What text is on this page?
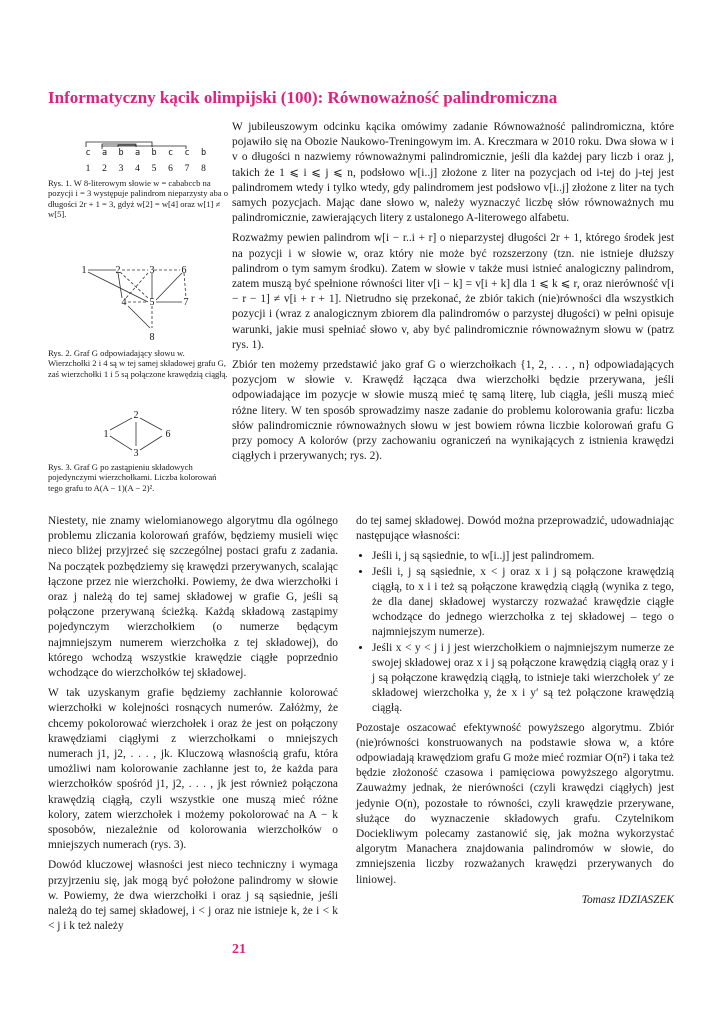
Informatyczny kącik olimpijski (100): Równoważność palindromiczna
c a b a b c c b
1 2 3 4 5 6 7 8
Rys. 1. W 8-literowym słowie w = cababccb na pozycji i = 3 występuje palindrom nieparzysty aba o długości 2r + 1 = 3, gdyż w[2] = w[4] oraz w[1] ≠ w[5].
1	2	3	6
4 5	7
8
Rys. 2. Graf G odpowiadający słowu w. Wierzchołki 2 i 4 są w tej samej składowej grafu G, zaś wierzchołki 1 i 5 są połączone krawędzią ciągłą.
2
1	6
3
Rys. 3. Graf G po zastąpieniu składowych pojedynczymi wierzchołkami. Liczba kolorowań tego grafu to A(A − 1)(A − 2)².

W jubileuszowym odcinku kącika omówimy zadanie Równoważność palindromiczna, które pojawiło się na Obozie Naukowo-Treningowym im. A. Kreczmara w 2010 roku. Dwa słowa w i v o długości n nazwiemy równoważnymi palindromicznie, jeśli dla każdej pary liczb i oraz j, takich że 1 ⩽ i ⩽ j ⩽ n, podsłowo w[i..j] złożone z liter na pozycjach od i-tej do j-tej jest palindromem wtedy i tylko wtedy, gdy palindromem jest podsłowo v[i..j] złożone z liter na tych samych pozycjach. Mając dane słowo w, należy wyznaczyć liczbę słów równoważnych mu palindromicznie, zawierających litery z ustalonego A-literowego alfabetu.

Rozważmy pewien palindrom w[i − r..i + r] o nieparzystej długości 2r + 1, którego środek jest na pozycji i w słowie w, oraz który nie może być rozszerzony (tzn. nie istnieje dłuższy palindrom o tym samym środku). Zatem w słowie v także musi istnieć analogiczny palindrom, zatem muszą być spełnione równości liter v[i − k] = v[i + k] dla 1 ⩽ k ⩽ r, oraz nierówność v[i − r − 1] ≠ v[i + r + 1]. Nietrudno się przekonać, że zbiór takich (nie)równości dla wszystkich pozycji i (wraz z analogicznym zbiorem dla palindromów o parzystej długości) w pełni opisuje warunki, jakie musi spełniać słowo v, aby być palindromicznie równoważnym słowu w (patrz rys. 1).

Zbiór ten możemy przedstawić jako graf G o wierzchołkach {1, 2, . . . , n} odpowiadających pozycjom w słowie v. Krawędź łącząca dwa wierzchołki będzie przerywana, jeśli odpowiadające im pozycje w słowie muszą mieć tę samą literę, lub ciągła, jeśli muszą mieć różne litery. W ten sposób sprowadzimy nasze zadanie do problemu kolorowania grafu: liczba słów palindromicznie równoważnych słowu w jest bowiem równa liczbie kolorowań grafu G przy pomocy A kolorów (przy zachowaniu ograniczeń na wynikających z istnienia krawędzi ciągłych i przerywanych; rys. 2).

Niestety, nie znamy wielomianowego algorytmu dla ogólnego problemu zliczania kolorowań grafów, będziemy musieli więc nieco bliżej przyjrzeć się szczególnej postaci grafu z zadania. Na początek pozbędziemy się krawędzi przerywanych, scalając łączone przez nie wierzchołki. Powiemy, że dwa wierzchołki i oraz j należą do tej samej składowej w grafie G, jeśli są połączone przerywaną ścieżką. Każdą składową zastąpimy pojedynczym wierzchołkiem (o numerze będącym najmniejszym numerem wierzchołka z tej składowej), do którego wchodzą wszystkie krawędzie ciągłe poprzednio wchodzące do wierzchołków tej składowej.

W tak uzyskanym grafie będziemy zachłannie kolorować wierzchołki w kolejności rosnących numerów. Załóżmy, że chcemy pokolorować wierzchołek i oraz że jest on połączony krawędziami ciągłymi z wierzchołkami o mniejszych numerach j1, j2, . . . , jk. Kluczową własnością grafu, która umożliwi nam kolorowanie zachłanne jest to, że każda para wierzchołków spośród j1, j2, . . . , jk jest również połączona krawędzią ciągłą, czyli wszystkie one muszą mieć różne kolory, zatem wierzchołek i możemy pokolorować na A − k sposobów, niezależnie od kolorowania wierzchołków o mniejszych numerach (rys. 3).

Dowód kluczowej własności jest nieco techniczny i wymaga przyjrzeniu się, jak mogą być położone palindromy w słowie w. Powiemy, że dwa wierzchołki i oraz j są sąsiednie, jeśli należą do tej samej składowej, i < j oraz nie istnieje k, że i < k < j i k też należy

do tej samej składowej. Dowód można przeprowadzić, udowadniając następujące własności:

• Jeśli i, j są sąsiednie, to w[i..j] jest palindromem.
• Jeśli i, j są sąsiednie, x < j oraz x i j są połączone krawędzią ciągłą, to x i i też są połączone krawędzią ciągłą (wynika z tego, że dla danej składowej wystarczy rozważać krawędzie ciągłe wchodzące do jednego wierzchołka z tej składowej – tego o najmniejszym numerze).
• Jeśli x < y < j i j jest wierzchołkiem o najmniejszym numerze ze swojej składowej oraz x i j są połączone krawędzią ciągłą oraz y i j są połączone krawędzią ciągłą, to istnieje taki wierzchołek y′ ze składowej wierzchołka y, że x i y′ są też połączone krawędzią ciągłą.

Pozostaje oszacować efektywność powyższego algorytmu. Zbiór (nie)równości konstruowanych na podstawie słowa w, a które odpowiadają krawędziom grafu G może mieć rozmiar O(n²) i taka też będzie złożoność czasowa i pamięciowa powyższego algorytmu. Zauważmy jednak, że nierówności (czyli krawędzi ciągłych) jest jedynie O(n), pozostałe to równości, czyli krawędzie przerywane, służące do wyznaczenie składowych grafu. Czytelnikom Dociekliwym polecamy zastanowić się, jak można wykorzystać algorytm Manachera znajdowania palindromów w słowie, do zmniejszenia liczby rozważanych krawędzi przerywanych do liniowej.

Tomasz IDZIASZEK
21
